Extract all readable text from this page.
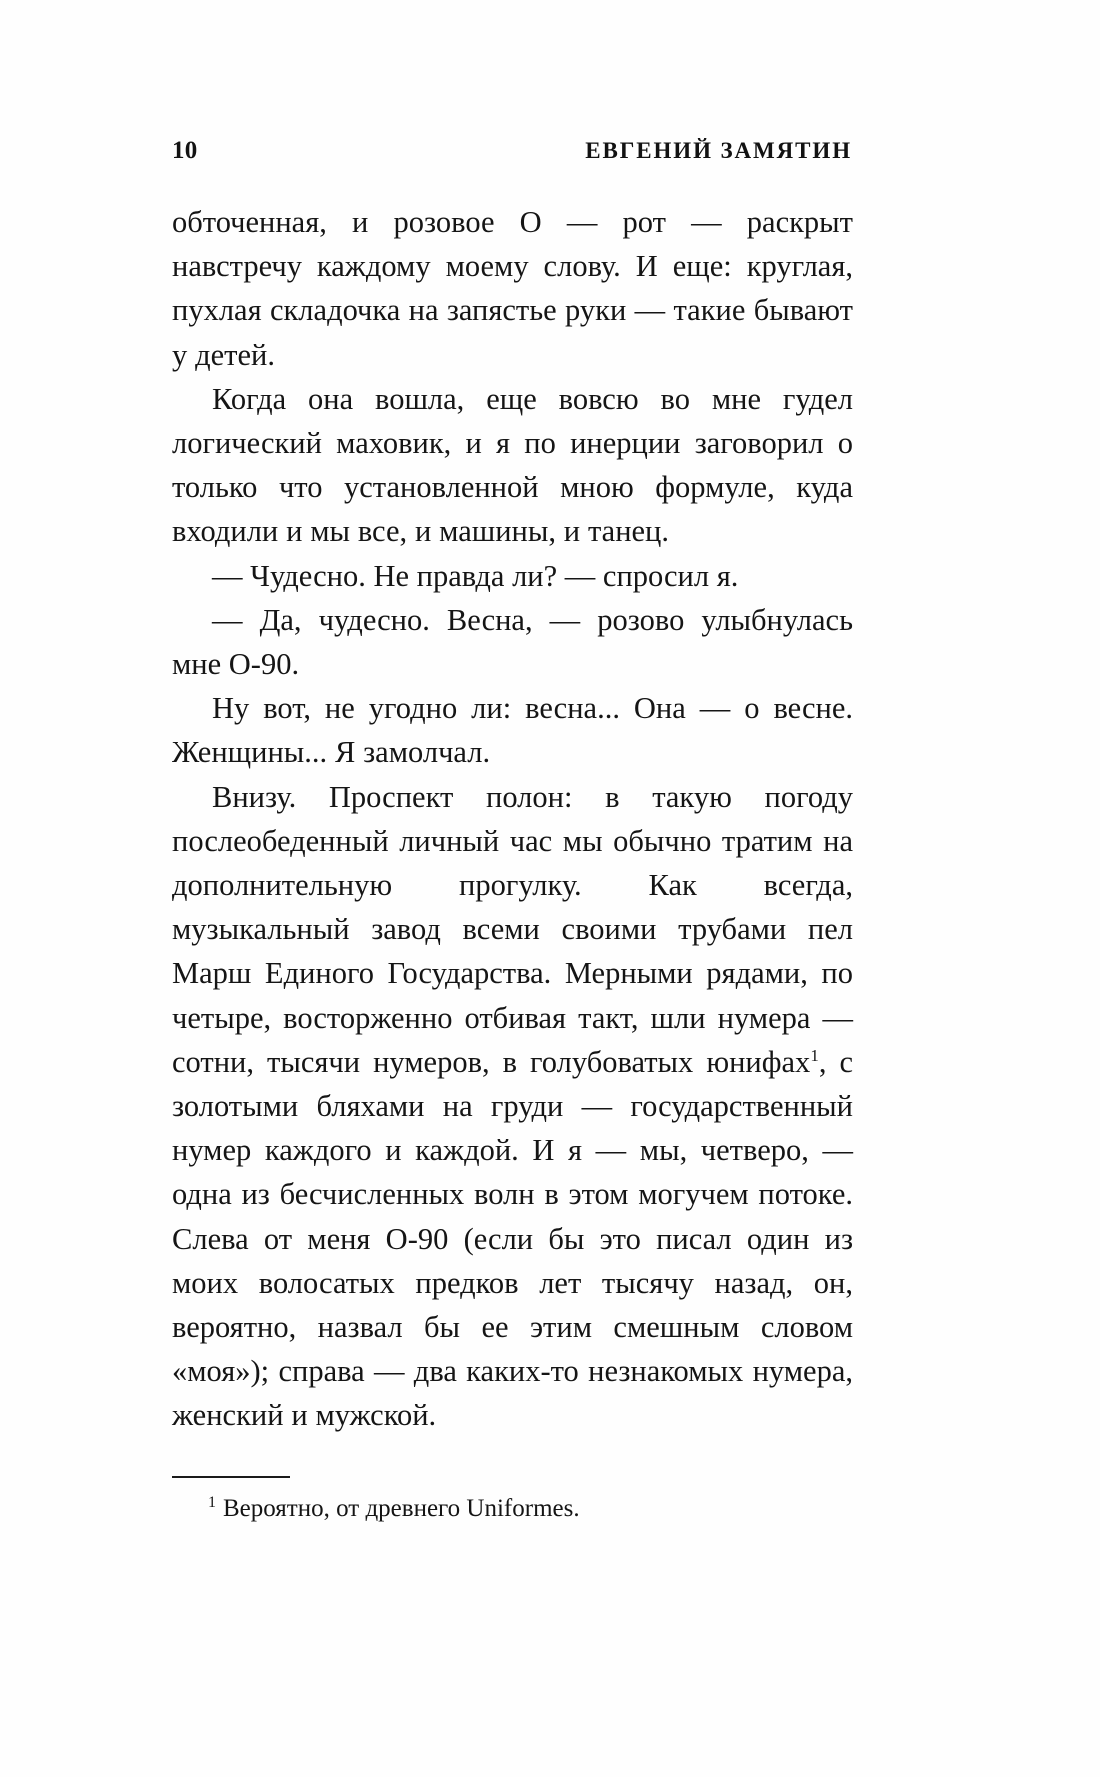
10	ЕВГЕНИЙ ЗАМЯТИН

обточенная, и розовое О — рот — раскрыт навстречу каждому моему слову. И еще: круглая, пухлая складочка на запястье руки — такие бывают у детей.

Когда она вошла, еще вовсю во мне гудел логический маховик, и я по инерции заговорил о только что установленной мною формуле, куда входили и мы все, и машины, и танец.

— Чудесно. Не правда ли? — спросил я.

— Да, чудесно. Весна, — розово улыбнулась мне О-90.

Ну вот, не угодно ли: весна... Она — о весне. Женщины... Я замолчал.

Внизу. Проспект полон: в такую погоду послеобеденный личный час мы обычно тратим на дополнительную прогулку. Как всегда, музыкальный завод всеми своими трубами пел Марш Единого Государства. Мерными рядами, по четыре, восторженно отбивая такт, шли нумера — сотни, тысячи нумеров, в голубоватых юнифах$^1$, с золотыми бляхами на груди — государственный нумер каждого и каждой. И я — мы, четверо, — одна из бесчисленных волн в этом могучем потоке. Слева от меня О-90 (если бы это писал один из моих волосатых предков лет тысячу назад, он, вероятно, назвал бы ее этим смешным словом «моя»); справа — два каких-то незнакомых нумера, женский и мужской.

$^1$ Вероятно, от древнего Uniformes.
